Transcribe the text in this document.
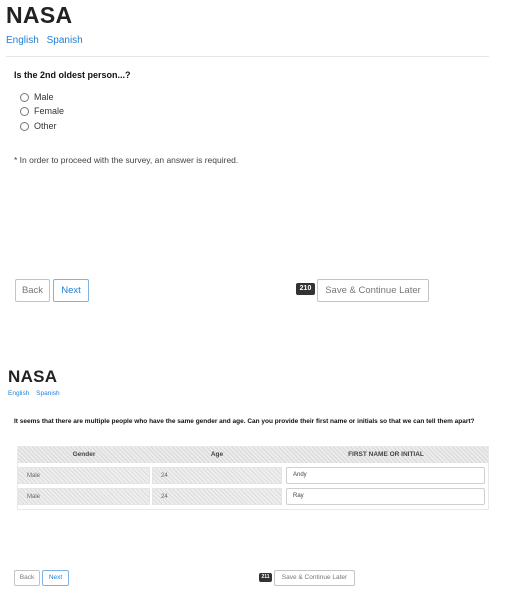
NASA
English Spanish
Is the 2nd oldest person...?
Male
Female
Other
* In order to proceed with the survey, an answer is required.
Back	Next	210	Save & Continue Later
NASA
English Spanish
It seems that there are multiple people who have the same gender and age. Can you provide their first name or initials so that we can tell them apart?
Gender	Age	FIRST NAME OR INITIAL
Male	24	Andy
Male	24	Ray
Back	Next	211	Save & Continue Later
